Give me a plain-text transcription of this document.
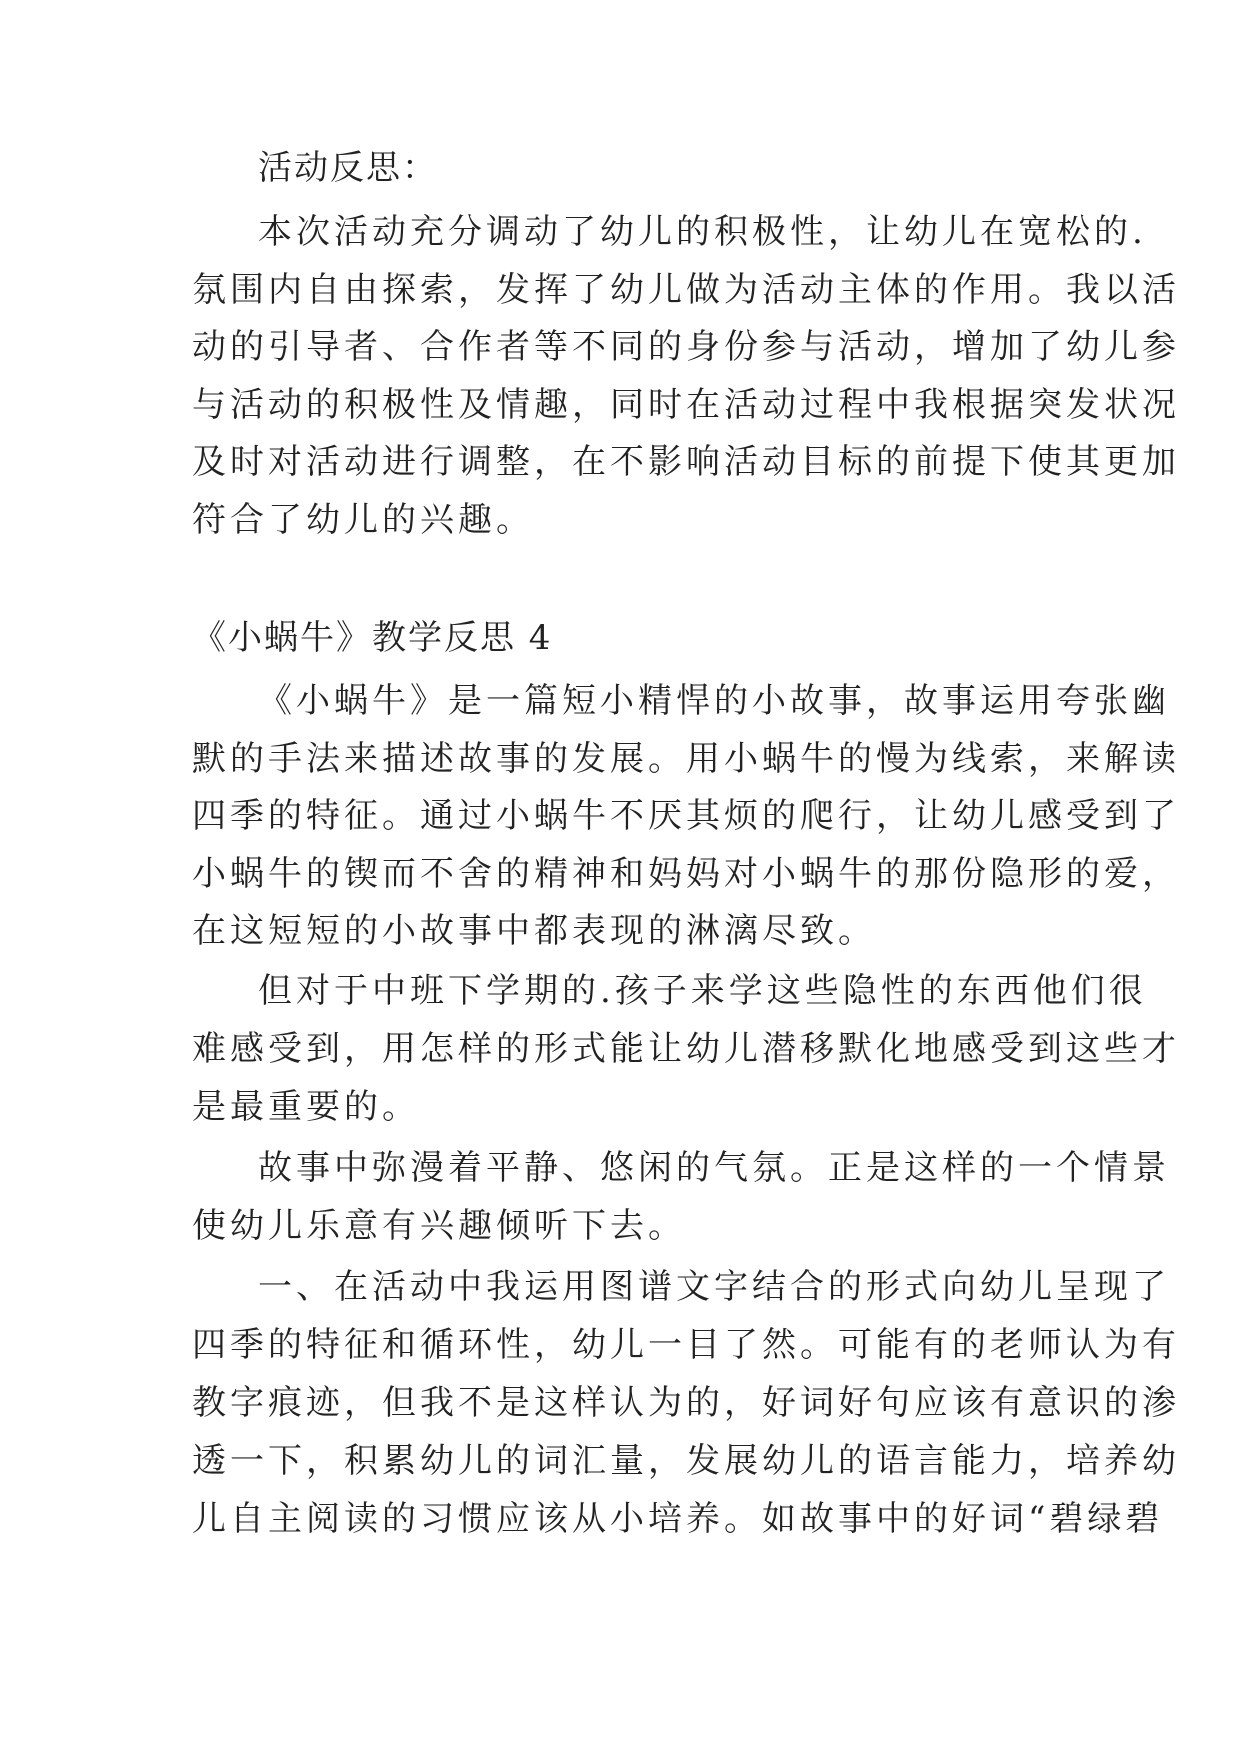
活动反思：

本次活动充分调动了幼儿的积极性，让幼儿在宽松的.

氛围内自由探索，发挥了幼儿做为活动主体的作用。我以活

动的引导者、合作者等不同的身份参与活动，增加了幼儿参

与活动的积极性及情趣，同时在活动过程中我根据突发状况

及时对活动进行调整，在不影响活动目标的前提下使其更加

符合了幼儿的兴趣。

《小蜗牛》教学反思 4

《小蜗牛》是一篇短小精悍的小故事，故事运用夸张幽

默的手法来描述故事的发展。用小蜗牛的慢为线索，来解读

四季的特征。通过小蜗牛不厌其烦的爬行，让幼儿感受到了

小蜗牛的锲而不舍的精神和妈妈对小蜗牛的那份隐形的爱，

在这短短的小故事中都表现的淋漓尽致。

但对于中班下学期的.孩子来学这些隐性的东西他们很

难感受到，用怎样的形式能让幼儿潜移默化地感受到这些才

是最重要的。

故事中弥漫着平静、悠闲的气氛。正是这样的一个情景

使幼儿乐意有兴趣倾听下去。

一、在活动中我运用图谱文字结合的形式向幼儿呈现了

四季的特征和循环性，幼儿一目了然。可能有的老师认为有

教字痕迹，但我不是这样认为的，好词好句应该有意识的渗

透一下，积累幼儿的词汇量，发展幼儿的语言能力，培养幼

儿自主阅读的习惯应该从小培养。如故事中的好词“碧绿碧
